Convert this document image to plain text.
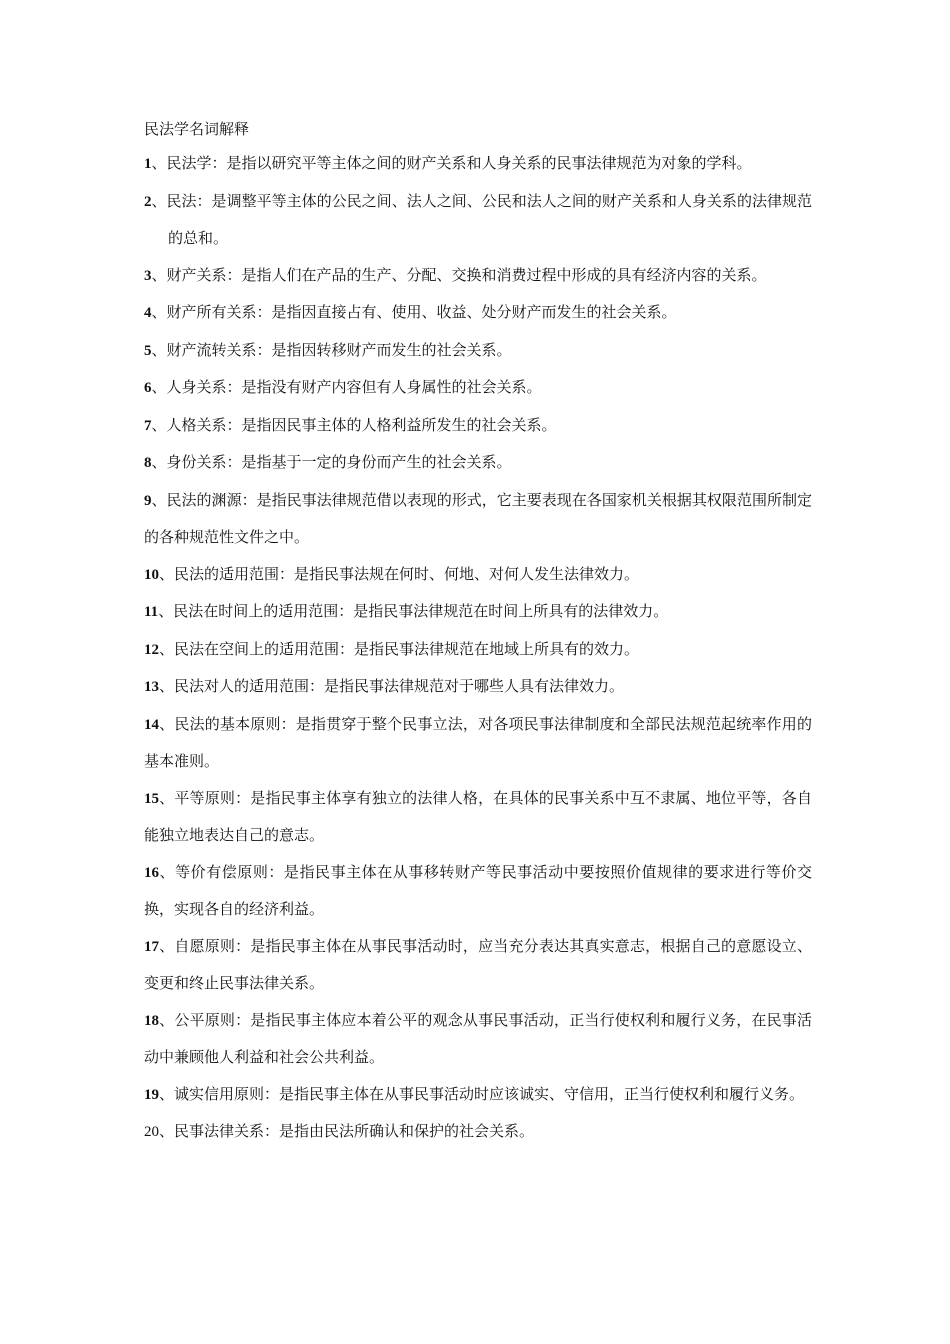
民法学名词解释
1、民法学：是指以研究平等主体之间的财产关系和人身关系的民事法律规范为对象的学科。
2、民法：是调整平等主体的公民之间、法人之间、公民和法人之间的财产关系和人身关系的法律规范的总和。
3、财产关系：是指人们在产品的生产、分配、交换和消费过程中形成的具有经济内容的关系。
4、财产所有关系：是指因直接占有、使用、收益、处分财产而发生的社会关系。
5、财产流转关系：是指因转移财产而发生的社会关系。
6、人身关系：是指没有财产内容但有人身属性的社会关系。
7、人格关系：是指因民事主体的人格利益所发生的社会关系。
8、身份关系：是指基于一定的身份而产生的社会关系。
9、民法的渊源：是指民事法律规范借以表现的形式，它主要表现在各国家机关根据其权限范围所制定的各种规范性文件之中。
10、民法的适用范围：是指民事法规在何时、何地、对何人发生法律效力。
11、民法在时间上的适用范围：是指民事法律规范在时间上所具有的法律效力。
12、民法在空间上的适用范围：是指民事法律规范在地域上所具有的效力。
13、民法对人的适用范围：是指民事法律规范对于哪些人具有法律效力。
14、民法的基本原则：是指贯穿于整个民事立法，对各项民事法律制度和全部民法规范起统率作用的基本准则。
15、平等原则：是指民事主体享有独立的法律人格，在具体的民事关系中互不隶属、地位平等，各自能独立地表达自己的意志。
16、等价有偿原则：是指民事主体在从事移转财产等民事活动中要按照价值规律的要求进行等价交换，实现各自的经济利益。
17、自愿原则：是指民事主体在从事民事活动时，应当充分表达其真实意志，根据自己的意愿设立、变更和终止民事法律关系。
18、公平原则：是指民事主体应本着公平的观念从事民事活动，正当行使权利和履行义务，在民事活动中兼顾他人利益和社会公共利益。
19、诚实信用原则：是指民事主体在从事民事活动时应该诚实、守信用，正当行使权利和履行义务。
20、民事法律关系：是指由民法所确认和保护的社会关系。
